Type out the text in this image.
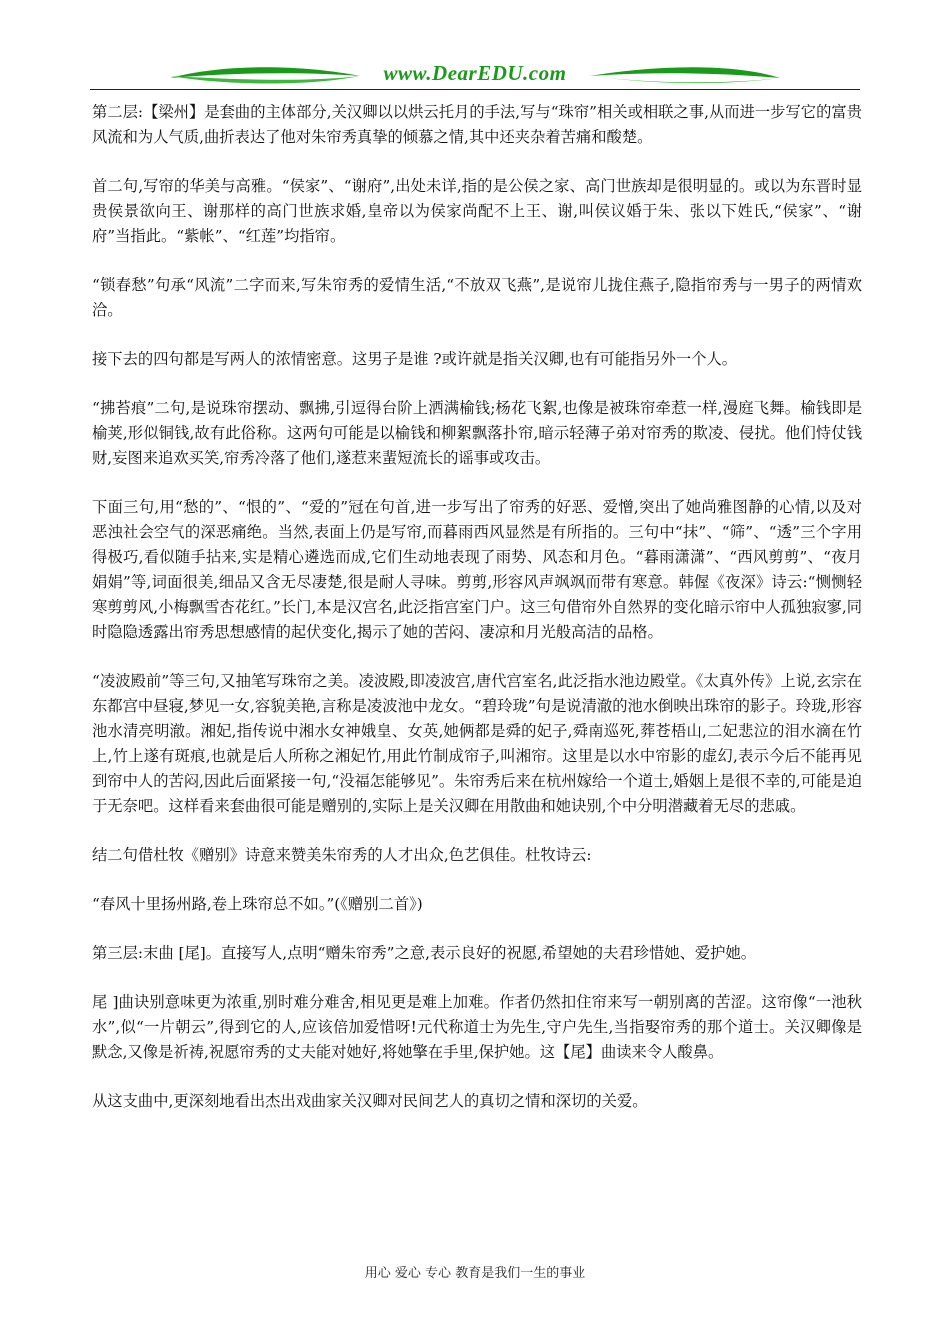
www.DearEDU.com

第二层:【梁州】是套曲的主体部分,关汉卿以以烘云托月的手法,写与“珠帘”相关或相联之事,从而进一步写它的富贵风流和为人气质,曲折表达了他对朱帘秀真挚的倾慕之情,其中还夹杂着苦痛和酸楚。

首二句,写帘的华美与高雅。“侯家”、“谢府”,出处未详,指的是公侯之家、高门世族却是很明显的。或以为东晋时显贵侯景欲向王、谢那样的高门世族求婚,皇帝以为侯家尚配不上王、谢,叫侯议婚于朱、张以下姓氏,“侯家”、“谢府”当指此。“紫帐”、“红莲”均指帘。

“锁春愁”句承“风流”二字而来,写朱帘秀的爱情生活,“不放双飞燕”,是说帘儿拢住燕子,隐指帘秀与一男子的两情欢洽。

接下去的四句都是写两人的浓情密意。这男子是谁 ?或许就是指关汉卿,也有可能指另外一个人。

“拂苔痕”二句,是说珠帘摆动、飘拂,引逗得台阶上洒满榆钱;杨花飞絮,也像是被珠帘牵惹一样,漫庭飞舞。榆钱即是榆荚,形似铜钱,故有此俗称。这两句可能是以榆钱和柳絮飘落扑帘,暗示轻薄子弟对帘秀的欺凌、侵扰。他们恃仗钱财,妄图来追欢买笑,帘秀冷落了他们,遂惹来蜚短流长的谣事或攻击。

下面三句,用“愁的”、“恨的”、“爱的”冠在句首,进一步写出了帘秀的好恶、爱憎,突出了她尚雅图静的心情,以及对恶浊社会空气的深恶痛绝。当然,表面上仍是写帘,而暮雨西风显然是有所指的。三句中“抹”、“筛”、“透”三个字用得极巧,看似随手拈来,实是精心遴选而成,它们生动地表现了雨势、风态和月色。“暮雨潇潇”、“西风剪剪”、“夜月娟娟”等,词面很美,细品又含无尽凄楚,很是耐人寻味。剪剪,形容风声飒飒而带有寒意。韩偓《夜深》诗云:“恻恻轻寒剪剪风,小梅飘雪杏花红。”长门,本是汉宫名,此泛指宫室门户。这三句借帘外自然界的变化暗示帘中人孤独寂寥,同时隐隐透露出帘秀思想感情的起伏变化,揭示了她的苦闷、凄凉和月光般高洁的品格。

“凌波殿前”等三句,又抽笔写珠帘之美。凌波殿,即凌波宫,唐代宫室名,此泛指水池边殿堂。《太真外传》上说,玄宗在东都宫中昼寝,梦见一女,容貌美艳,言称是凌波池中龙女。“碧玲珑”句是说清澈的池水倒映出珠帘的影子。玲珑,形容池水清亮明澈。湘妃,指传说中湘水女神娥皇、女英,她俩都是舜的妃子,舜南巡死,葬苍梧山,二妃悲泣的泪水滴在竹上,竹上遂有斑痕,也就是后人所称之湘妃竹,用此竹制成帘子,叫湘帘。这里是以水中帘影的虚幻,表示今后不能再见到帘中人的苦闷,因此后面紧接一句,“没福怎能够见”。朱帘秀后来在杭州嫁给一个道士,婚姻上是很不幸的,可能是迫于无奈吧。这样看来套曲很可能是赠别的,实际上是关汉卿在用散曲和她诀别,个中分明潜藏着无尽的悲戚。

结二句借杜牧《赠别》诗意来赞美朱帘秀的人才出众,色艺俱佳。杜牧诗云:

“春风十里扬州路,卷上珠帘总不如。”(《赠别二首》)

第三层:末曲 [尾]。直接写人,点明“赠朱帘秀”之意,表示良好的祝愿,希望她的夫君珍惜她、爱护她。

尾 ]曲诀别意味更为浓重,别时难分难舍,相见更是难上加难。作者仍然扣住帘来写一朝别离的苦涩。这帘像“一池秋水”,似“一片朝云”,得到它的人,应该倍加爱惜呀!元代称道士为先生,守户先生,当指娶帘秀的那个道士。关汉卿像是默念,又像是祈祷,祝愿帘秀的丈夫能对她好,将她擎在手里,保护她。这【尾】曲读来令人酸鼻。

从这支曲中,更深刻地看出杰出戏曲家关汉卿对民间艺人的真切之情和深切的关爱。

用心 爱心 专心 教育是我们一生的事业
